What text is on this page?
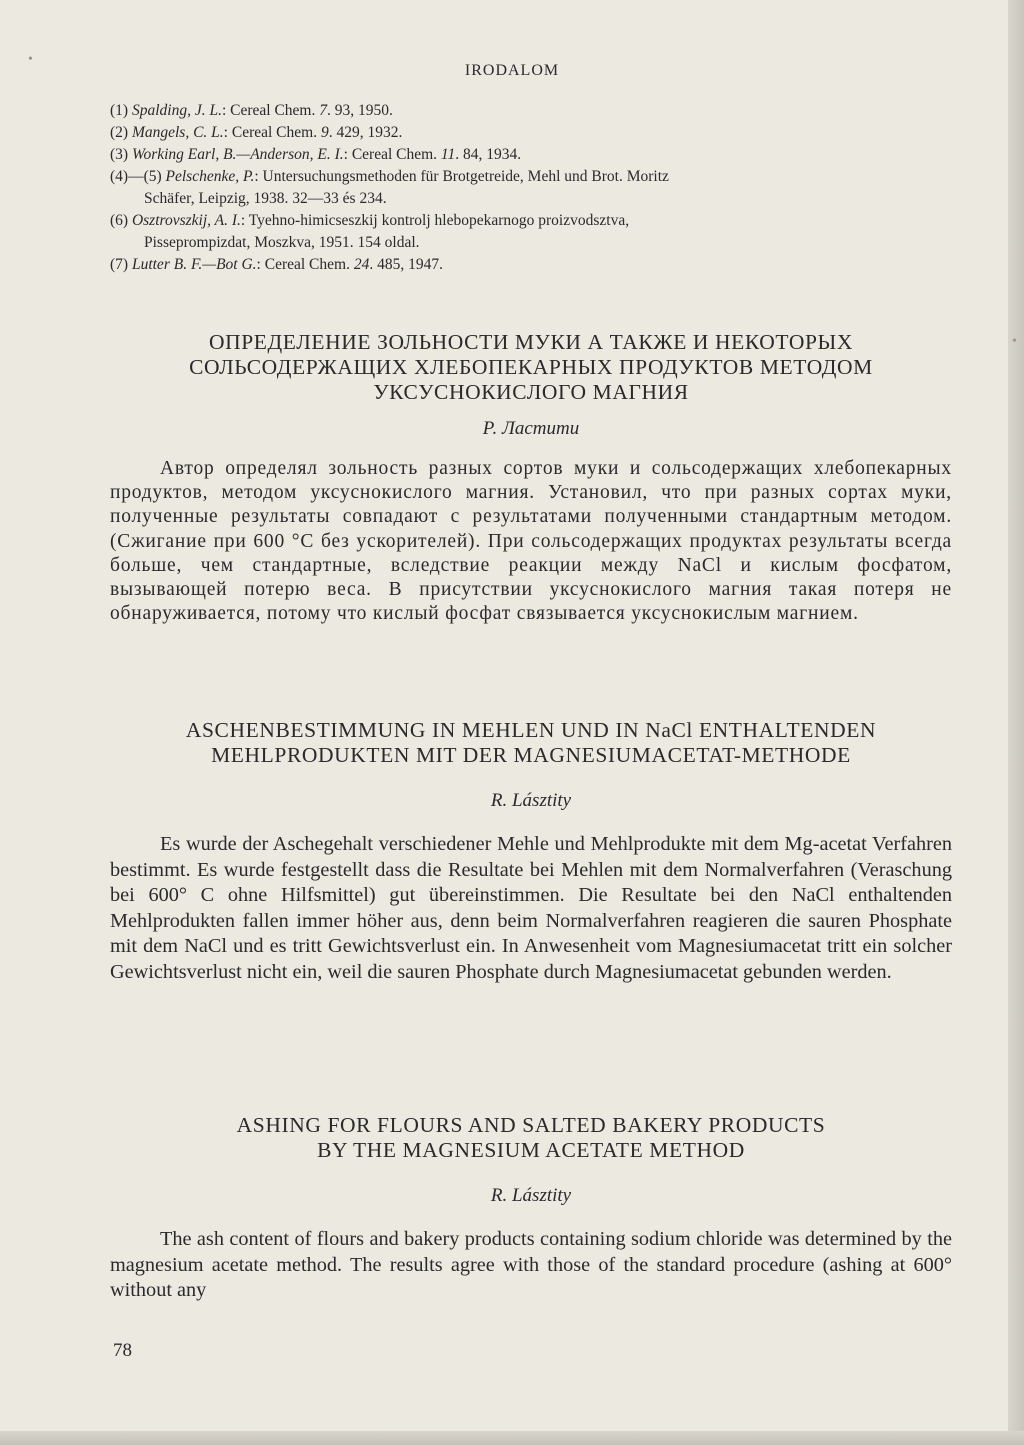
IRODALOM

(1) Spalding, J. L.: Cereal Chem. 7. 93, 1950.

(2) Mangels, C. L.: Cereal Chem. 9. 429, 1932.

(3) Working Earl, B.—Anderson, E. I.: Cereal Chem. 11. 84, 1934.

(4)—(5) Pelschenke, P.: Untersuchungsmethoden für Brotgetreide, Mehl und Brot. Moritz
Schäfer, Leipzig, 1938. 32—33 és 234.

(6) Osztrovszkij, A. I.: Tyehno-himicseszkij kontrolj hlebopekarnogo proizvodsztva,
Pisseprompizdat, Moszkva, 1951. 154 oldal.

(7) Lutter B. F.—Bot G.: Cereal Chem. 24. 485, 1947.

ОПРЕДЕЛЕНИЕ ЗОЛЬНОСТИ МУКИ А ТАКЖЕ И НЕКОТОРЫХ
СОЛЬСОДЕРЖАЩИХ ХЛЕБОПЕКАРНЫХ ПРОДУКТОВ МЕТОДОМ
УКСУСНОКИСЛОГО МАГНИЯ

Р. Ластити

Автор определял зольность разных сортов муки и сольсодержащих хлебопекарных продуктов, методом уксуснокислого магния. Установил, что при разных сортах муки, полученные результаты совпадают с результатами полученными стандартным методом. (Сжигание при 600 °С без ускорителей). При сольсодержащих продуктах результаты всегда больше, чем стандартные, вследствие реакции между NaCl и кислым фосфатом, вызывающей потерю веса. В присутствии уксуснокислого магния такая потеря не обнаруживается, потому что кислый фосфат связывается уксуснокислым магнием.

ASCHENBESTIMMUNG IN MEHLEN UND IN NaCl ENTHALTENDEN
MEHLPRODUKTEN MIT DER MAGNESIUMACETAT-METHODE

R. Lásztity

Es wurde der Aschegehalt verschiedener Mehle und Mehlprodukte mit dem Mg-acetat Verfahren bestimmt. Es wurde festgestellt dass die Resultate bei Mehlen mit dem Normalverfahren (Veraschung bei 600° C ohne Hilfsmittel) gut übereinstimmen. Die Resultate bei den NaCl enthaltenden Mehlprodukten fallen immer höher aus, denn beim Normalverfahren reagieren die sauren Phosphate mit dem NaCl und es tritt Gewichtsverlust ein. In Anwesenheit vom Magnesiumacetat tritt ein solcher Gewichtsverlust nicht ein, weil die sauren Phosphate durch Magnesiumacetat gebunden werden.

ASHING FOR FLOURS AND SALTED BAKERY PRODUCTS
BY THE MAGNESIUM ACETATE METHOD

R. Lásztity

The ash content of flours and bakery products containing sodium chloride was determined by the magnesium acetate method. The results agree with those of the standard procedure (ashing at 600° without any

78
•
•
